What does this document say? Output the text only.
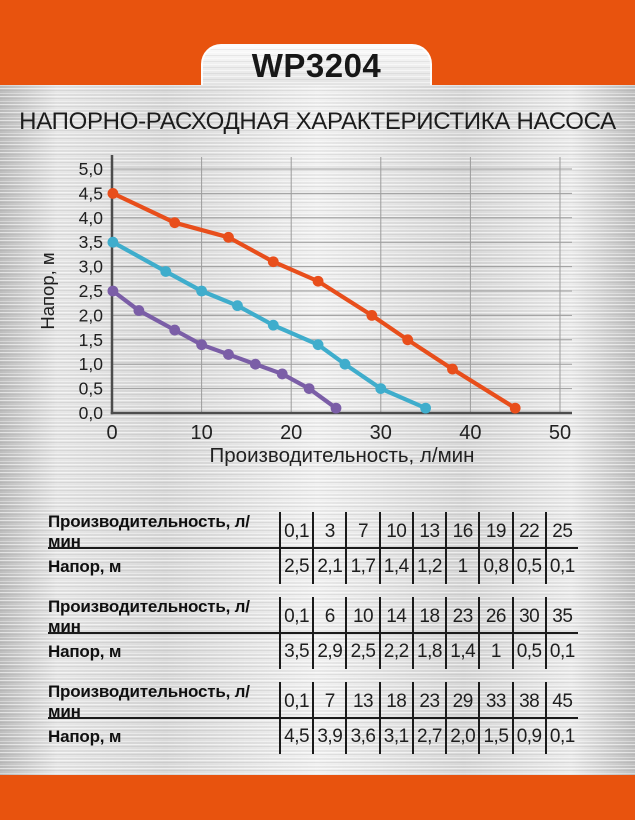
WP3204
НАПОРНО-РАСХОДНАЯ ХАРАКТЕРИСТИКА НАСОСА
0,0
0,5
1,0
1,5
2,0
2,5
3,0
3,5
4,0
4,5
5,0
0	10	20	30	40	50
Напор, м
Производительность, л/мин
Производительность, л/мин	0,1 3	7 10 13 16 19 22 25
Напор, м	2,5 2,1 1,7 1,4 1,2 1 0,8 0,5 0,1
Производительность, л/мин	0,1 6 10 14 18 23 26 30 35
Напор, м	3,5 2,9 2,5 2,2 1,8 1,4 1 0,5 0,1
Производительность, л/мин	0,1 7 13 18 23 29 33 38 45
Напор, м	4,5 3,9 3,6 3,1 2,7 2,0 1,5 0,9 0,1
